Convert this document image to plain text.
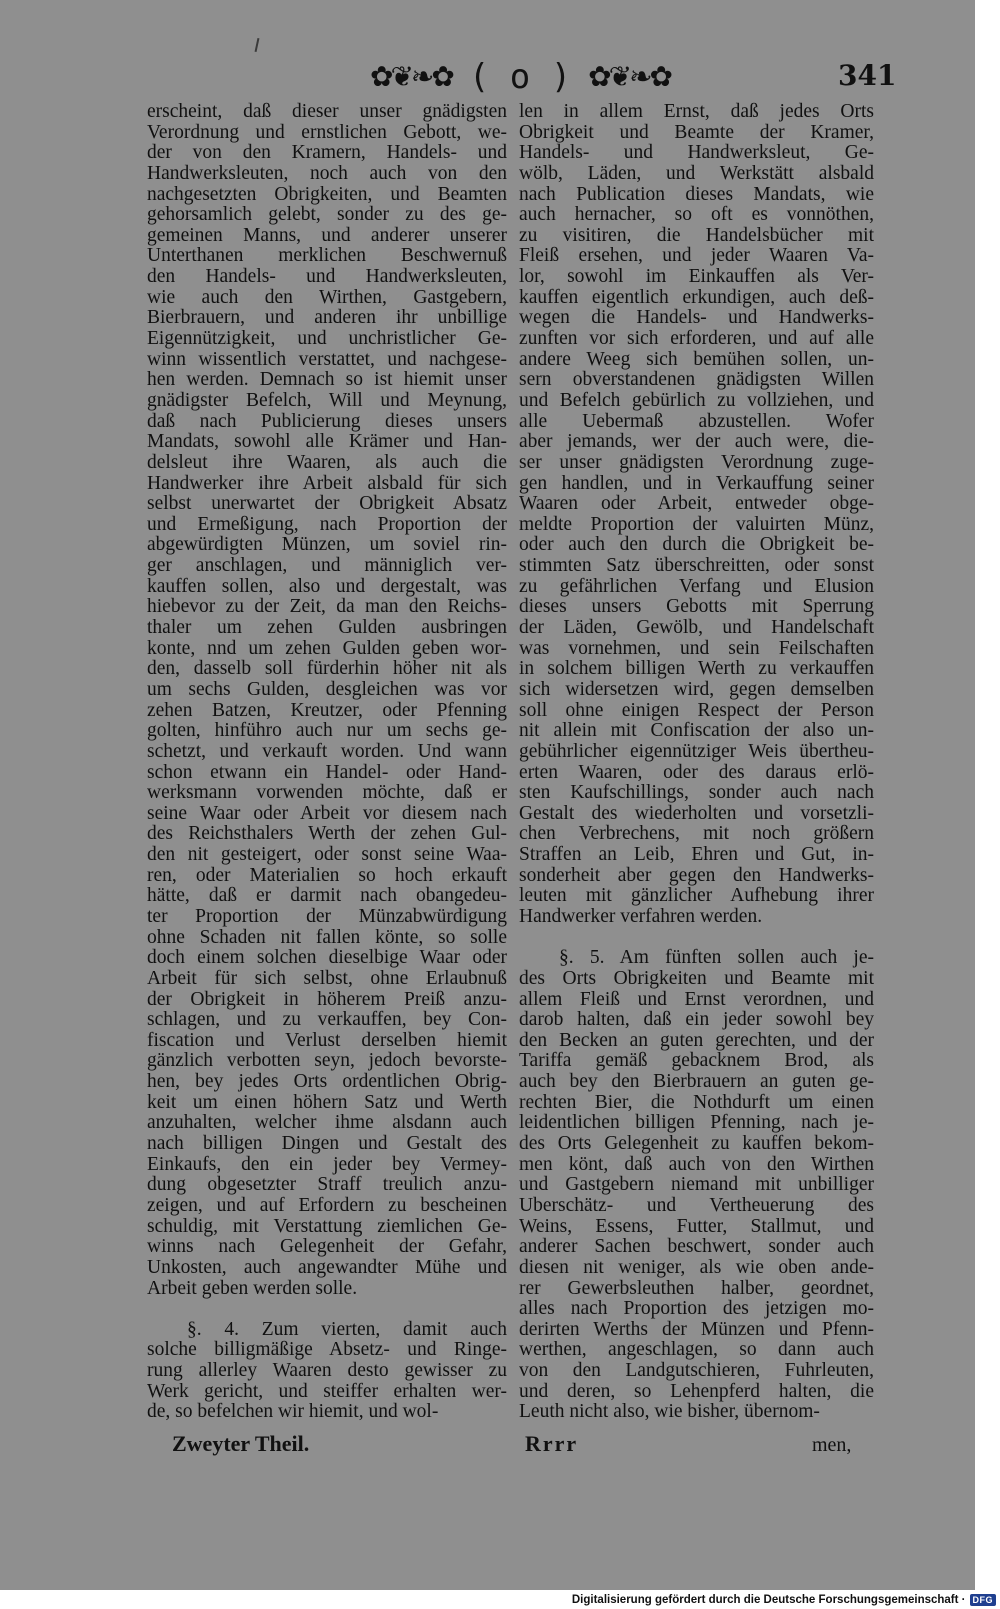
✿❦❧✿ ( o ) ✿❦❧✿	341
erscheint, daß dieser unser gnädigsten
Verordnung und ernstlichen Gebott, we-
der von den Kramern, Handels- und
Handwerksleuten, noch auch von den
nachgesetzten Obrigkeiten, und Beamten
gehorsamlich gelebt, sonder zu des ge-
gemeinen Manns, und anderer unserer
Unterthanen merklichen Beschwernuß
den Handels- und Handwerksleuten,
wie auch den Wirthen, Gastgebern,
Bierbrauern, und anderen ihr unbillige
Eigennützigkeit, und unchristlicher Ge-
winn wissentlich verstattet, und nachgese-
hen werden. Demnach so ist hiemit unser
gnädigster Befelch, Will und Meynung,
daß nach Publicierung dieses unsers
Mandats, sowohl alle Krämer und Han-
delsleut ihre Waaren, als auch die
Handwerker ihre Arbeit alsbald für sich
selbst unerwartet der Obrigkeit Absatz
und Ermeßigung, nach Proportion der
abgewürdigten Münzen, um soviel rin-
ger anschlagen, und männiglich ver-
kauffen sollen, also und dergestalt, was
hiebevor zu der Zeit, da man den Reichs-
thaler um zehen Gulden ausbringen
konte, nnd um zehen Gulden geben wor-
den, dasselb soll fürderhin höher nit als
um sechs Gulden, desgleichen was vor
zehen Batzen, Kreutzer, oder Pfenning
golten, hinführo auch nur um sechs ge-
schetzt, und verkauft worden. Und wann
schon etwann ein Handel- oder Hand-
werksmann vorwenden möchte, daß er
seine Waar oder Arbeit vor diesem nach
des Reichsthalers Werth der zehen Gul-
den nit gesteigert, oder sonst seine Waa-
ren, oder Materialien so hoch erkauft
hätte, daß er darmit nach obangedeu-
ter Proportion der Münzabwürdigung
ohne Schaden nit fallen könte, so solle
doch einem solchen dieselbige Waar oder
Arbeit für sich selbst, ohne Erlaubnuß
der Obrigkeit in höherem Preiß anzu-
schlagen, und zu verkauffen, bey Con-
fiscation und Verlust derselben hiemit
gänzlich verbotten seyn, jedoch bevorste-
hen, bey jedes Orts ordentlichen Obrig-
keit um einen höhern Satz und Werth
anzuhalten, welcher ihme alsdann auch
nach billigen Dingen und Gestalt des
Einkaufs, den ein jeder bey Vermey-
dung obgesetzter Straff treulich anzu-
zeigen, und auf Erfordern zu bescheinen
schuldig, mit Verstattung ziemlichen Ge-
winns nach Gelegenheit der Gefahr,
Unkosten, auch angewandter Mühe und
Arbeit geben werden solle.
§. 4. Zum vierten, damit auch
solche billigmäßige Absetz- und Ringe-
rung allerley Waaren desto gewisser zu
Werk gericht, und steiffer erhalten wer-
de, so befelchen wir hiemit, und wol-
len in allem Ernst, daß jedes Orts
Obrigkeit und Beamte der Kramer,
Handels- und Handwerksleut, Ge-
wölb, Läden, und Werkstätt alsbald
nach Publication dieses Mandats, wie
auch hernacher, so oft es vonnöthen,
zu visitiren, die Handelsbücher mit
Fleiß ersehen, und jeder Waaren Va-
lor, sowohl im Einkauffen als Ver-
kauffen eigentlich erkundigen, auch deß-
wegen die Handels- und Handwerks-
zunften vor sich erforderen, und auf alle
andere Weeg sich bemühen sollen, un-
sern obverstandenen gnädigsten Willen
und Befelch gebürlich zu vollziehen, und
alle Uebermaß abzustellen. Wofer
aber jemands, wer der auch were, die-
ser unser gnädigsten Verordnung zuge-
gen handlen, und in Verkauffung seiner
Waaren oder Arbeit, entweder obge-
meldte Proportion der valuirten Münz,
oder auch den durch die Obrigkeit be-
stimmten Satz überschreitten, oder sonst
zu gefährlichen Verfang und Elusion
dieses unsers Gebotts mit Sperrung
der Läden, Gewölb, und Handelschaft
was vornehmen, und sein Feilschaften
in solchem billigen Werth zu verkauffen
sich widersetzen wird, gegen demselben
soll ohne einigen Respect der Person
nit allein mit Confiscation der also un-
gebührlicher eigennütziger Weis übertheu-
erten Waaren, oder des daraus erlö-
sten Kaufschillings, sonder auch nach
Gestalt des wiederholten und vorsetzli-
chen Verbrechens, mit noch größern
Straffen an Leib, Ehren und Gut, in-
sonderheit aber gegen den Handwerks-
leuten mit gänzlicher Aufhebung ihrer
Handwerker verfahren werden.
§. 5. Am fünften sollen auch je-
des Orts Obrigkeiten und Beamte mit
allem Fleiß und Ernst verordnen, und
darob halten, daß ein jeder sowohl bey
den Becken an guten gerechten, und der
Tariffa gemäß gebacknem Brod, als
auch bey den Bierbrauern an guten ge-
rechten Bier, die Nothdurft um einen
leidentlichen billigen Pfenning, nach je-
des Orts Gelegenheit zu kauffen bekom-
men könt, daß auch von den Wirthen
und Gastgebern niemand mit unbilliger
Uberschätz- und Vertheuerung des
Weins, Essens, Futter, Stallmut, und
anderer Sachen beschwert, sonder auch
diesen nit weniger, als wie oben ande-
rer Gewerbsleuthen halber, geordnet,
alles nach Proportion des jetzigen mo-
derirten Werths der Münzen und Pfenn-
werthen, angeschlagen, so dann auch
von den Landgutschieren, Fuhrleuten,
und deren, so Lehenpferd halten, die
Leuth nicht also, wie bisher, übernom-
Zweyter Theil.	Rrrr	men,
Digitalisierung gefördert durch die Deutsche Forschungsgemeinschaft · DFG
